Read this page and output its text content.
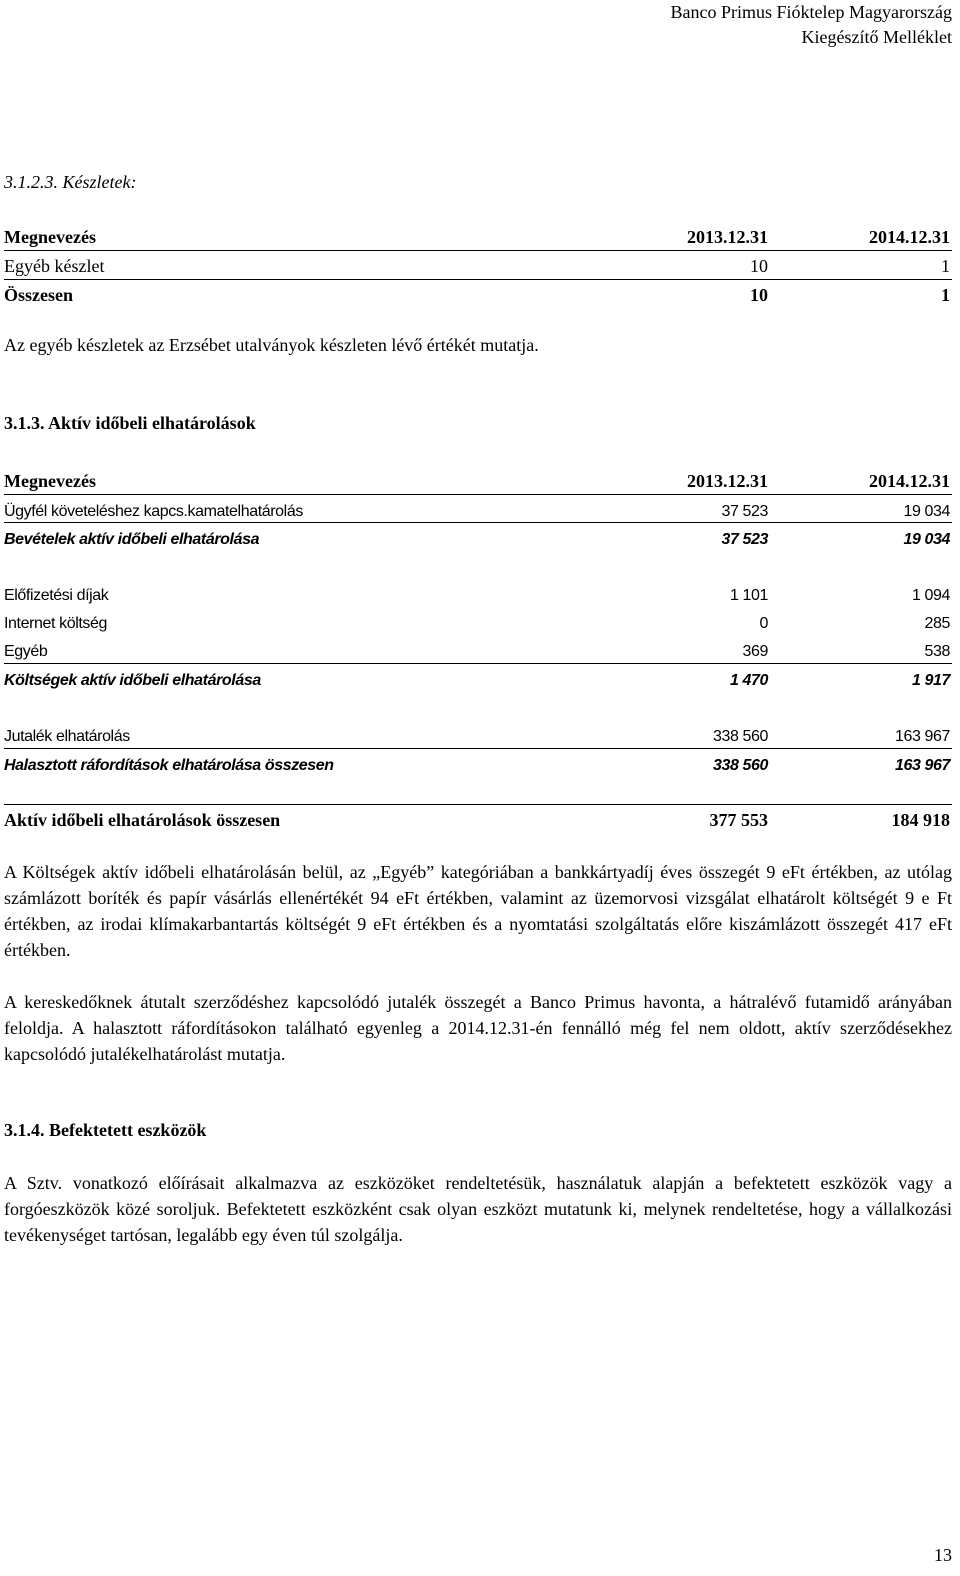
Banco Primus Fióktelep Magyarország
Kiegészítő Melléklet
3.1.2.3. Készletek:
Megnevezés	2013.12.31	2014.12.31
Egyéb készlet	10	1
Összesen	10	1
Az egyéb készletek az Erzsébet utalványok készleten lévő értékét mutatja.
3.1.3. Aktív időbeli elhatárolások
Megnevezés	2013.12.31	2014.12.31
Ügyfél követeléshez kapcs.kamatelhatárolás	37 523	19 034
Bevételek aktív időbeli elhatárolása	37 523	19 034
Előfizetési díjak	1 101	1 094
Internet költség	0	285
Egyéb	369	538
Költségek aktív időbeli elhatárolása	1 470	1 917
Jutalék elhatárolás	338 560	163 967
Halasztott ráfordítások elhatárolása összesen	338 560	163 967
Aktív időbeli elhatárolások összesen	377 553	184 918
A Költségek aktív időbeli elhatárolásán belül, az „Egyéb” kategóriában a bankkártyadíj éves összegét 9 eFt értékben, az utólag számlázott boríték és papír vásárlás ellenértékét 94 eFt értékben, valamint az üzemorvosi vizsgálat elhatárolt költségét 9 e Ft értékben, az irodai klímakarbantartás költségét 9 eFt értékben és a nyomtatási szolgáltatás előre kiszámlázott összegét 417 eFt értékben.
A kereskedőknek átutalt szerződéshez kapcsolódó jutalék összegét a Banco Primus havonta, a hátralévő futamidő arányában feloldja. A halasztott ráfordításokon található egyenleg a 2014.12.31-én fennálló még fel nem oldott, aktív szerződésekhez kapcsolódó jutalékelhatárolást mutatja.
3.1.4. Befektetett eszközök
A Sztv. vonatkozó előírásait alkalmazva az eszközöket rendeltetésük, használatuk alapján a befektetett eszközök vagy a forgóeszközök közé soroljuk. Befektetett eszközként csak olyan eszközt mutatunk ki, melynek rendeltetése, hogy a vállalkozási tevékenységet tartósan, legalább egy éven túl szolgálja.
13
